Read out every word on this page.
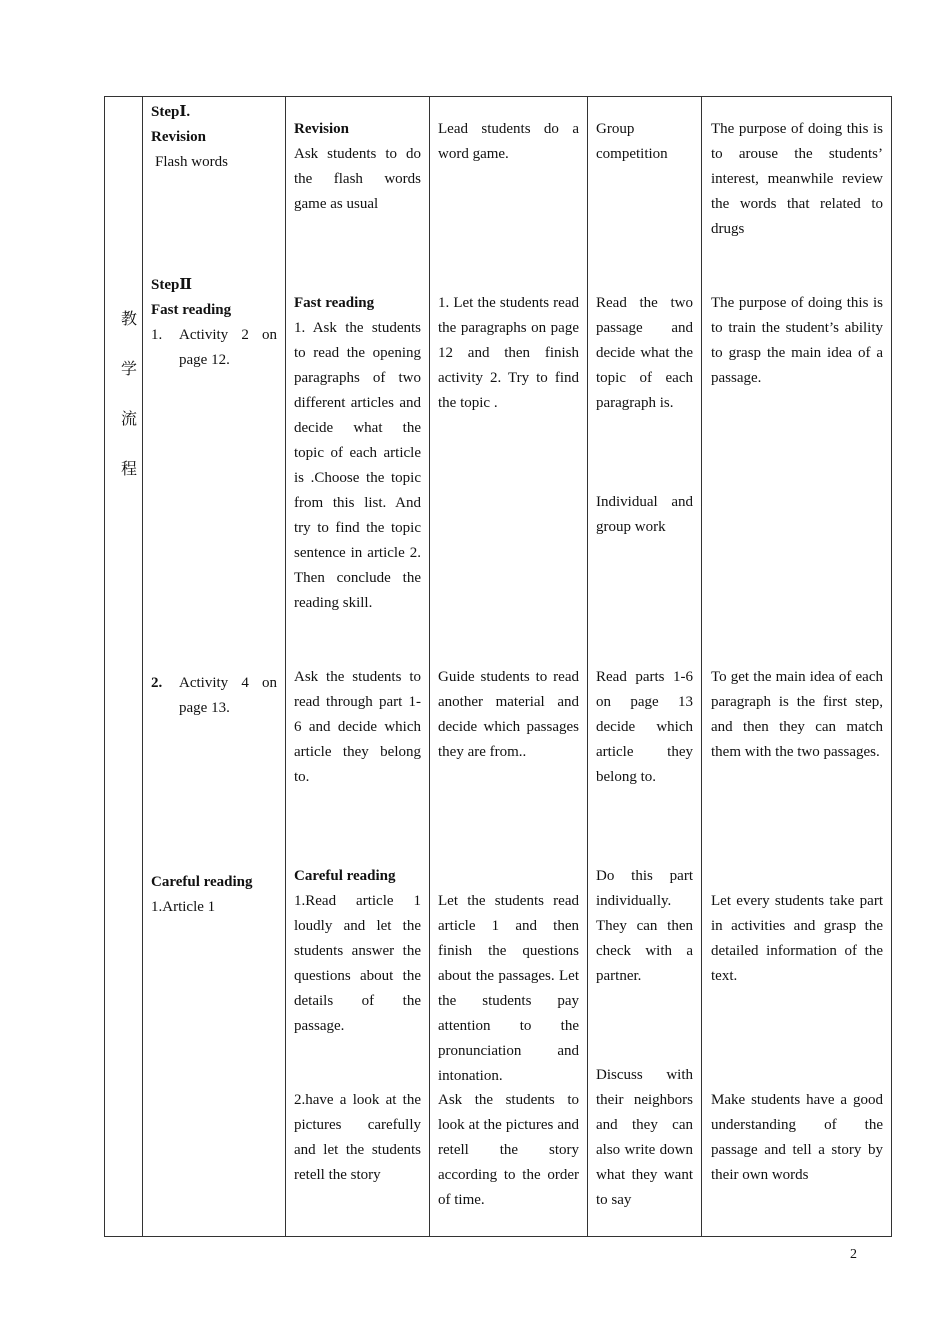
教
学
流
程
StepⅠ.
Revision
Flash words
StepⅡ
Fast reading
1. Activity 2 on page 12.
2. Activity 4 on page 13.
Careful reading
1.Article 1
Revision
Ask students to do the flash words game as usual
Fast reading
1. Ask the students to read the opening paragraphs of two different articles and decide what the topic of each article is .Choose the topic from this list. And try to find the topic sentence in article 2. Then conclude the reading skill.
Ask the students to read through part 1-6 and decide which article they belong to.
Careful reading
1.Read article 1 loudly and let the students answer the questions about the details of the passage.
2.have a look at the pictures carefully and let the students retell the story
Lead students do a word game.
1. Let the students read the paragraphs on page 12 and then finish activity 2. Try to find the topic .
Guide students to read another material and decide which passages they are from..
Let the students read article 1 and then finish the questions about the passages. Let the students pay attention to the pronunciation and intonation.
Ask the students to look at the pictures and retell the story according to the order of time.
Group competition
Read the two passage and decide what the topic of each paragraph is.
Individual and group work
Read parts 1-6 on page 13 decide which article they belong to.
Do this part individually. They can then check with a partner.
Discuss with their neighbors and they can also write down what they want to say
The purpose of doing this is to arouse the students’ interest, meanwhile review the words that related to drugs
The purpose of doing this is to train the student’s ability to grasp the main idea of a passage.
To get the main idea of each paragraph is the first step, and then they can match them with the two passages.
Let every students take part in activities and grasp the detailed information of the text.
Make students have a good understanding of the passage and tell a story by their own words
2
